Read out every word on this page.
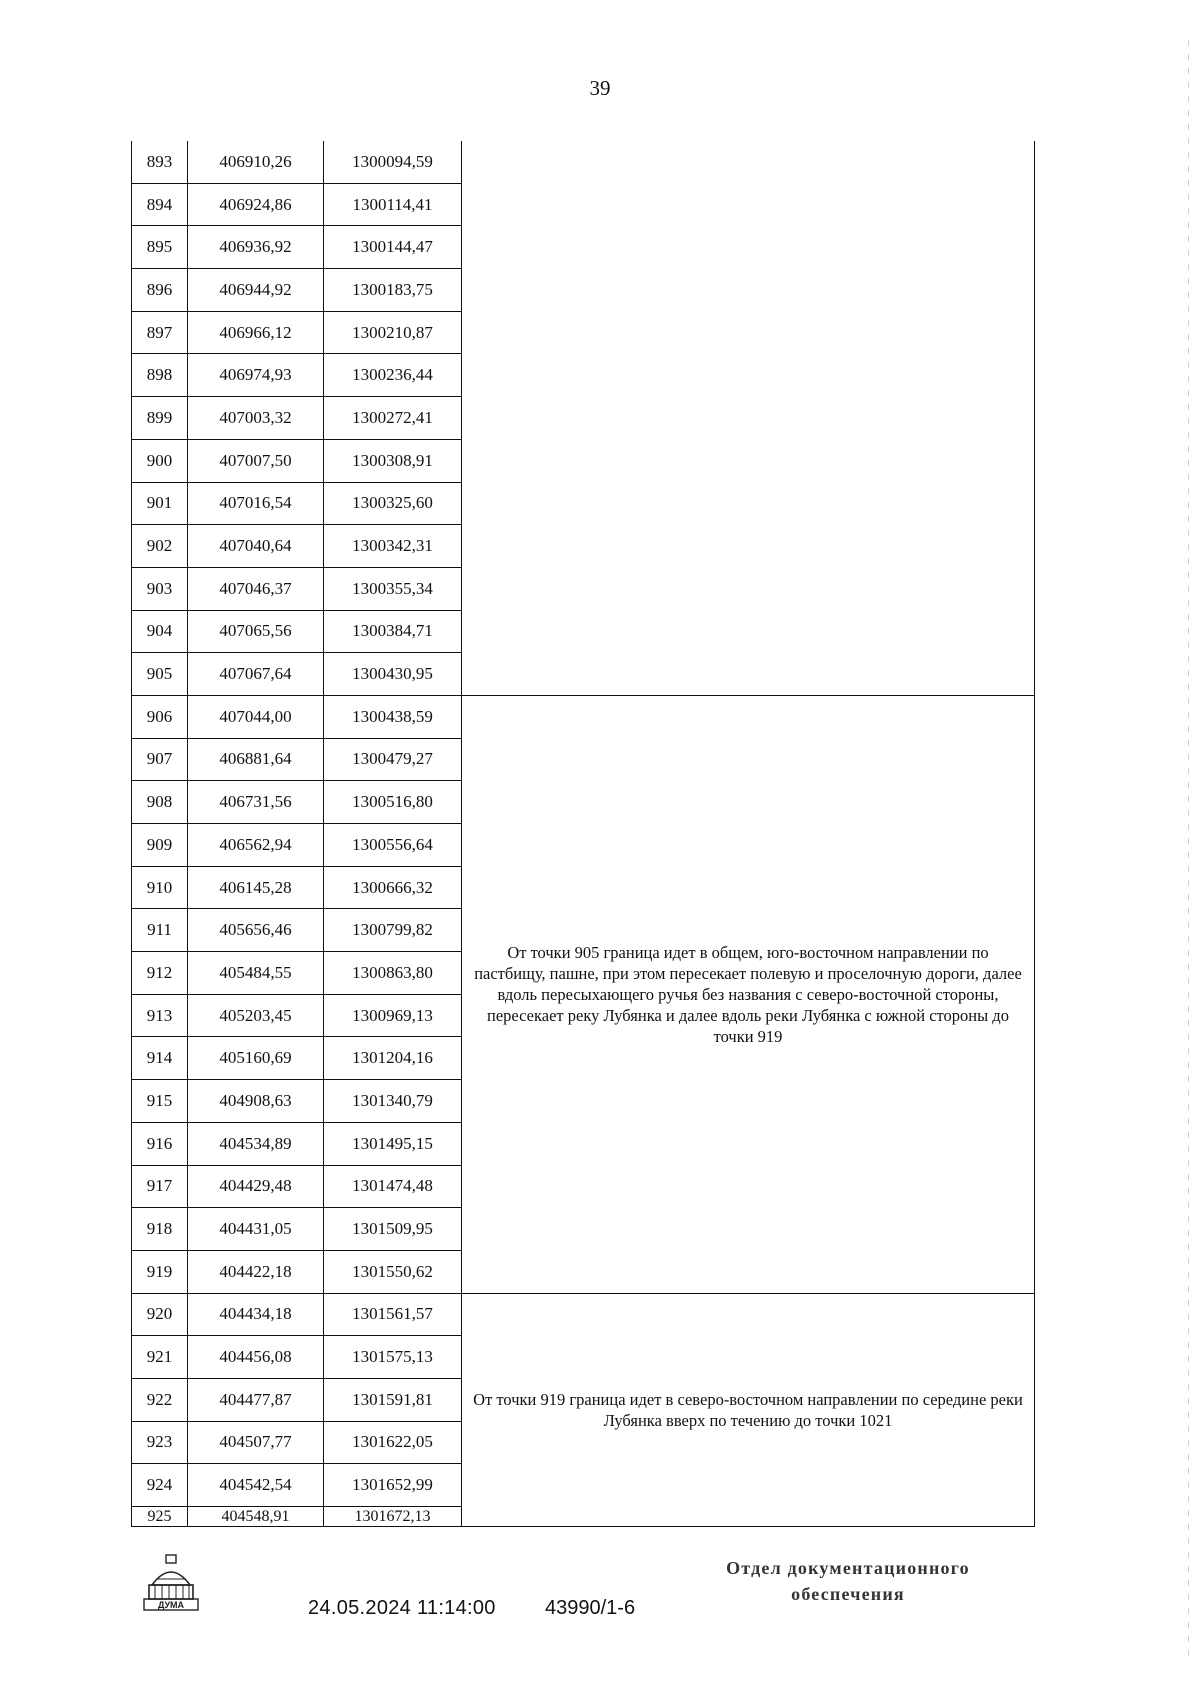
39
893	406910,26	1300094,59	
894	406924,86	1300114,41	
895	406936,92	1300144,47	
896	406944,92	1300183,75	
897	406966,12	1300210,87	
898	406974,93	1300236,44	
899	407003,32	1300272,41	
900	407007,50	1300308,91	
901	407016,54	1300325,60	
902	407040,64	1300342,31	
903	407046,37	1300355,34	
904	407065,56	1300384,71	
905	407067,64	1300430,95	
906	407044,00	1300438,59	От точки 905 граница идет в общем, юго-восточном направлении по пастбищу, пашне, при этом пересекает полевую и проселочную дороги, далее вдоль пересыхающего ручья без названия с северо-восточной стороны, пересекает реку Лубянка и далее вдоль реки Лубянка с южной стороны до точки 919
907	406881,64	1300479,27	
908	406731,56	1300516,80	
909	406562,94	1300556,64	
910	406145,28	1300666,32	
911	405656,46	1300799,82	
912	405484,55	1300863,80	
913	405203,45	1300969,13	
914	405160,69	1301204,16	
915	404908,63	1301340,79	
916	404534,89	1301495,15	
917	404429,48	1301474,48	
918	404431,05	1301509,95	
919	404422,18	1301550,62	
920	404434,18	1301561,57	От точки 919 граница идет в северо-восточном направлении по середине реки Лубянка вверх по течению до точки 1021
921	404456,08	1301575,13	
922	404477,87	1301591,81	
923	404507,77	1301622,05	
924	404542,54	1301652,99	
925	404548,91	1301672,13	
ДУМА	24.05.2024 11:14:00 43990/1-6
Отдел документационного
обеспечения
